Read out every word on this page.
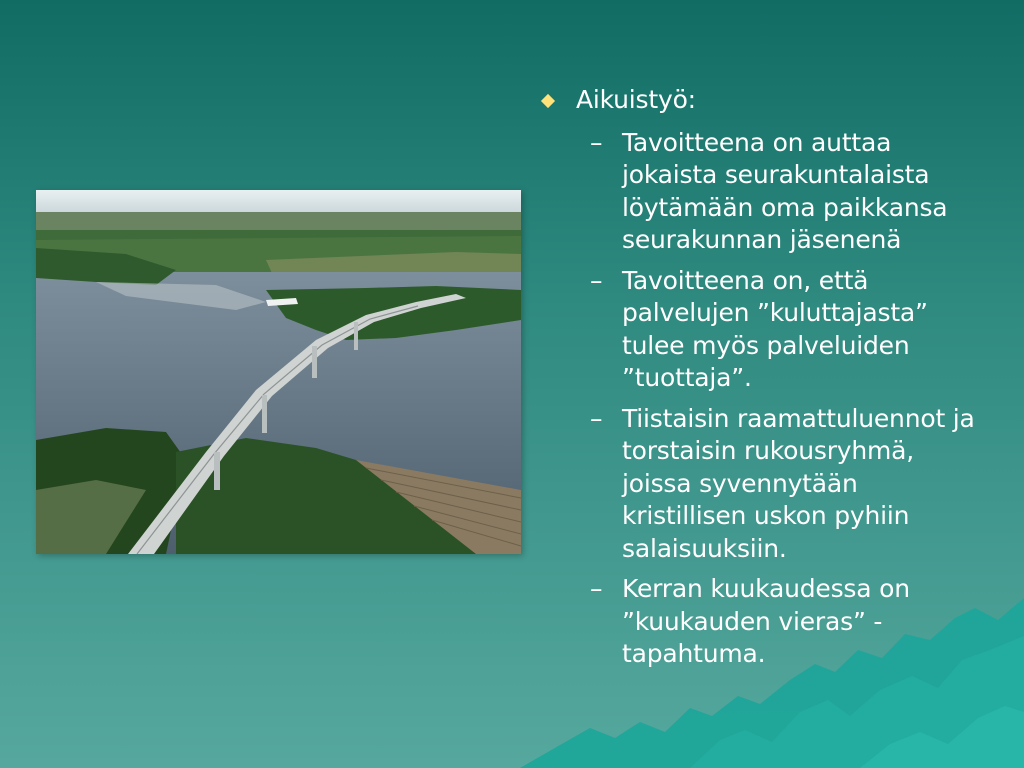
Aikuistyö:
– Tavoitteena on auttaa jokaista seurakuntalaista löytämään oma paikkansa seurakunnan jäsenenä
– Tavoitteena on, että palvelujen ”kuluttajasta” tulee myös palveluiden ”tuottaja”.
– Tiistaisin raamattuluennot ja torstaisin rukousryhmä, joissa syvennytään kristillisen uskon pyhiin salaisuuksiin.
– Kerran kuukaudessa on ”kuukauden vieras” - tapahtuma.
